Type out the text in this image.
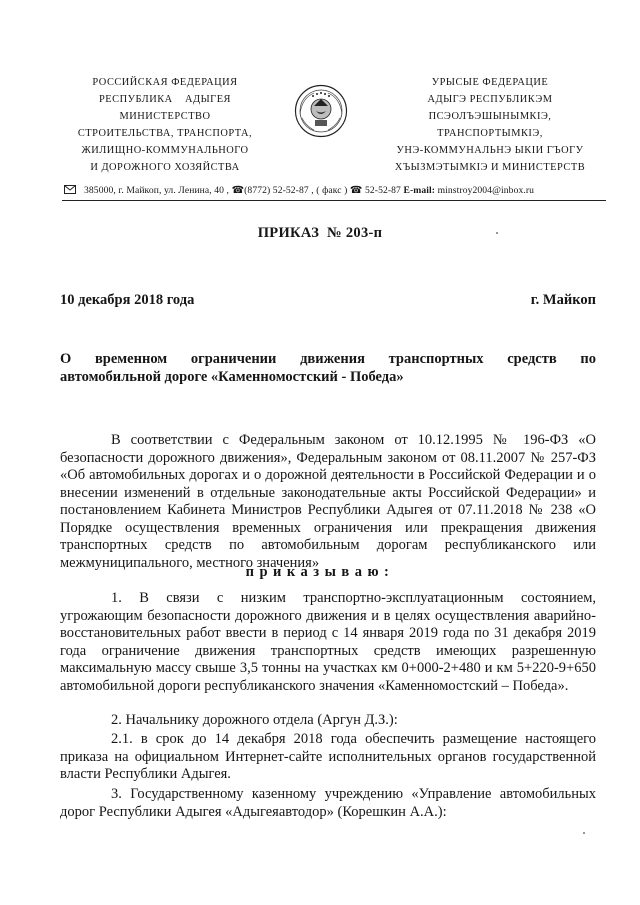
РОССИЙСКАЯ ФЕДЕРАЦИЯ
РЕСПУБЛИКА    АДЫГЕЯ
МИНИСТЕРСТВО
СТРОИТЕЛЬСТВА, ТРАНСПОРТА,
ЖИЛИЩНО-КОММУНАЛЬНОГО
И ДОРОЖНОГО ХОЗЯЙСТВА
УРЫСЫЕ ФЕДЕРАЦИЕ
АДЫГЭ РЕСПУБЛИКЭМ
ПСЭОЛЪЭШЫНЫМКIЭ,
ТРАНСПОРТЫМКIЭ,
УНЭ-КОММУНАЛЬНЭ ЫКIИ ГЪОГУ
ХЪЫЗМЭТЫМКIЭ И МИНИСТЕРСТВ
385000, г. Майкоп, ул. Ленина, 40 , ☎(8772) 52-52-87 , ( факс ) ☎ 52-52-87 E-mail: minstroy2004@inbox.ru
ПРИКАЗ  № 203-п
10 декабря 2018 года	г. Майкоп
О временном ограничении движения транспортных средств по
автомобильной дороге «Каменномостский - Победа»

В соответствии с Федеральным законом от 10.12.1995 № 196-ФЗ «О безопасности дорожного движения», Федеральным законом от 08.11.2007 № 257-ФЗ «Об автомобильных дорогах и о дорожной деятельности в Российской Федерации и о внесении изменений в отдельные законодательные акты Российской Федерации» и постановлением Кабинета Министров Республики Адыгея от 07.11.2018 № 238 «О Порядке осуществления временных ограничения или прекращения движения транспортных средств по автомобильным дорогам республиканского или межмуниципального, местного значения»

приказываю:

1. В связи с низким транспортно-эксплуатационным состоянием, угрожающим безопасности дорожного движения и в целях осуществления аварийно-восстановительных работ ввести в период с 14 января 2019 года по 31 декабря 2019 года ограничение движения транспортных средств имеющих разрешенную максимальную массу свыше 3,5 тонны на участках км 0+000-2+480 и км 5+220-9+650 автомобильной дороги республиканского значения «Каменномостский – Победа».

2. Начальнику дорожного отдела (Аргун Д.З.):

2.1. в срок до 14 декабря 2018 года обеспечить размещение настоящего приказа на официальном Интернет-сайте исполнительных органов государственной власти Республики Адыгея.

3. Государственному казенному учреждению «Управление автомобильных дорог Республики Адыгея «Адыгеяавтодор» (Корешкин А.А.):
